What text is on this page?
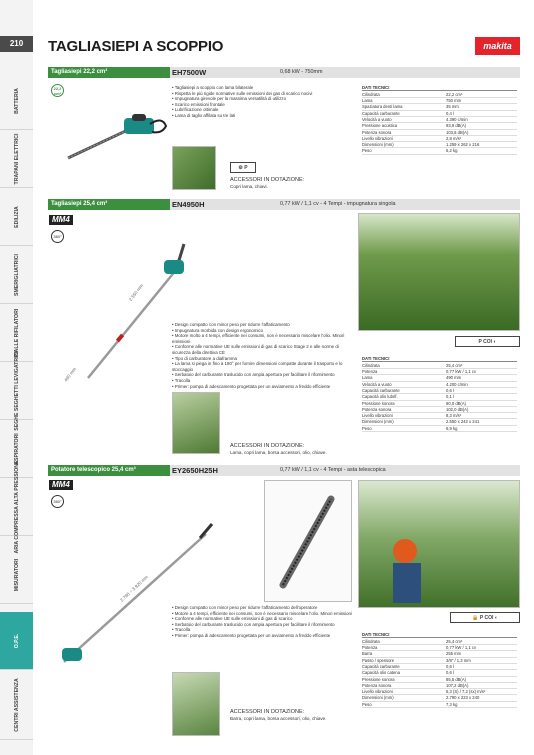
210
BATTERIA
TRAPANI ELETTRICI
EDILIZIA
SMERIGLIATRICI
PIALLE RIFILATORI
SEGHE SEGHETTI LEVIGATRICI
ASPIRATORI
ARIA COMPRESSA ALTA PRESSIONE
MISURATORI
O.P.E.
CENTRI ASSISTENZA
TAGLIASIEPI A SCOPPIO	makita
Tagliasiepi 22,2 cm³	EH7500W	0,68 kW - 750mm
22,2
cm³
• Tagliasiepi a scoppio con lama bilaterale
• Rispetta le più rigide normative sulle emissioni dei gas di scarico nocivi
• Impugnatura girevole per la massima versatilità di utilizzo
• Scarico emissioni frontale
• Lubrificazione ottimale
• Lama di taglio affilata su tre lati
DATI TECNICI
Cilindrata	22,2 cm³
Lama	750 mm
Spaziatura denti lama	35 mm
Capacità carburante	0,4 l
Velocità a vuoto	4.390 c/min
Pressione acustica	93,9 dB(A)
Potenza sonora	103,8 dB(A)
Livello vibrazioni	2,8 m/s²
Dimensioni (mm)	1.259 x 262 x 216
Peso	5,2 kg
⚙ P
ACCESSORI IN DOTAZIONE:
Copri lama, chiavi.
Tagliasiepi 25,4 cm³	EN4950H	0,77 kW / 1,1 cv - 4 Tempi - impugnatura singola
MM4
360°
2.550 mm
490 mm
P COI ◐
• Design compatto con minor peso per ridurre l'affaticamento
• Impugnatura morbida con design ergonomico
• Motore molto a 4 tempi, efficiente nei consumi, non è necessario miscelare l'olio. Minori emissioni
• Conforme alle normative UE sulle emissioni di gas di scarico Stage 2 e alle norme di sicurezza della direttiva CE
• Tipo di carburatore a diaframma
• La lama si piega in fino a 180° per fornire dimensioni compatte durante il trasporto e lo stoccaggio
• Serbatoio del carburante traslucido con ampia apertura per facilitare il rifornimento
• Tracolla
• Primer: pompa di adescamento progettata per un avviamento a freddo efficiente
DATI TECNICI
Cilindrata	25,4 cm³
Potenza	0,77 kW / 1,1 cv
Lama	490 mm
Velocità a vuoto	4.200 c/min
Capacità carburante	0,6 l
Capacità olio lubrif.	0,1 l
Pressione sonora	90,0 dB(A)
Potenza sonora	102,0 dB(A)
Livello vibrazioni	8,3 m/s²
Dimensioni (mm)	2.550 x 242 x 241
Peso	6,9 kg
ACCESSORI IN DOTAZIONE:
Lama, copri lama, borsa accessori, olio, chiave.
Potatore telescopico 25,4 cm³	EY2650H25H	0,77 kW / 1,1 cv - 4 Tempi - asta telescopica
MM4
360°
2.790 ÷ 3.920 mm
🔒 P COI ◐
• Design compatto con minor peso per ridurre l'affaticamento dell'operatore
• Motore a 4 tempi, efficiente nei consumi, non è necessario miscelare l'olio. Minori emissioni
• Conforme alle normative UE sulle emissioni di gas di scarico
• Serbatoio del carburante traslucido con ampia apertura per facilitare il rifornimento
• Tracolla
• Primer: pompa di adescamento progettata per un avviamento a freddo efficiente	DATI TECNICI
Cilindrata	25,4 cm³
Potenza	0,77 kW / 1,1 cv
Barra	255 mm
Passo / spessore	3/8" / 1,3 mm
Capacità carburante	0,6 l
Capacità olio catena	0,6 l
Pressione sonora	85,5 dB(A)
Potenza sonora	107,2 dB(A)
Livello vibrazioni	5,3 (S) / 7,2 (sx) m/s²
Dimensioni (mm)	2.790 x 223 x 240
Peso	7,3 kg
ACCESSORI IN DOTAZIONE:
Barra, copri lama, borsa accessori, olio, chiave.
